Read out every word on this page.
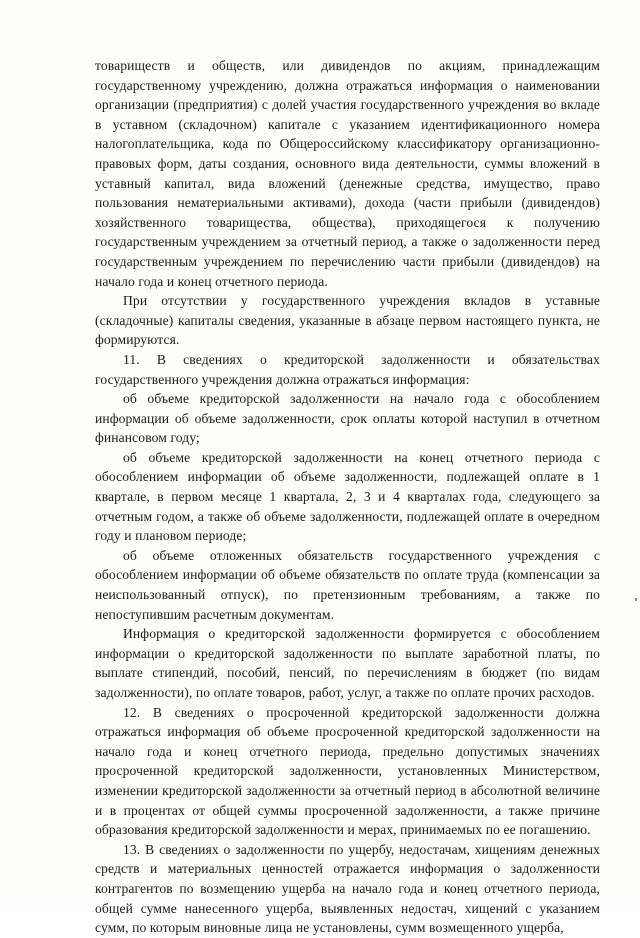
товариществ и обществ, или дивидендов по акциям, принадлежащим государственному учреждению, должна отражаться информация о наименовании организации (предприятия) с долей участия государственного учреждения во вкладе в уставном (складочном) капитале с указанием идентификационного номера налогоплательщика, кода по Общероссийскому классификатору организационно-правовых форм, даты создания, основного вида деятельности, суммы вложений в уставный капитал, вида вложений (денежные средства, имущество, право пользования нематериальными активами), дохода (части прибыли (дивидендов) хозяйственного товарищества, общества), приходящегося к получению государственным учреждением за отчетный период, а также о задолженности перед государственным учреждением по перечислению части прибыли (дивидендов) на начало года и конец отчетного периода.

При отсутствии у государственного учреждения вкладов в уставные (складочные) капиталы сведения, указанные в абзаце первом настоящего пункта, не формируются.

11. В сведениях о кредиторской задолженности и обязательствах государственного учреждения должна отражаться информация:

об объеме кредиторской задолженности на начало года с обособлением информации об объеме задолженности, срок оплаты которой наступил в отчетном финансовом году;

об объеме кредиторской задолженности на конец отчетного периода с обособлением информации об объеме задолженности, подлежащей оплате в 1 квартале, в первом месяце 1 квартала, 2, 3 и 4 кварталах года, следующего за отчетным годом, а также об объеме задолженности, подлежащей оплате в очередном году и плановом периоде;

об объеме отложенных обязательств государственного учреждения с обособлением информации об объеме обязательств по оплате труда (компенсации за неиспользованный отпуск), по претензионным требованиям, а также по непоступившим расчетным документам.

Информация о кредиторской задолженности формируется с обособлением информации о кредиторской задолженности по выплате заработной платы, по выплате стипендий, пособий, пенсий, по перечислениям в бюджет (по видам задолженности), по оплате товаров, работ, услуг, а также по оплате прочих расходов.

12. В сведениях о просроченной кредиторской задолженности должна отражаться информация об объеме просроченной кредиторской задолженности на начало года и конец отчетного периода, предельно допустимых значениях просроченной кредиторской задолженности, установленных Министерством, изменении кредиторской задолженности за отчетный период в абсолютной величине и в процентах от общей суммы просроченной задолженности, а также причине образования кредиторской задолженности и мерах, принимаемых по ее погашению.

13. В сведениях о задолженности по ущербу, недостачам, хищениям денежных средств и материальных ценностей отражается информация о задолженности контрагентов по возмещению ущерба на начало года и конец отчетного периода, общей сумме нанесенного ущерба, выявленных недостач, хищений с указанием сумм, по которым виновные лица не установлены, сумм возмещенного ущерба,
